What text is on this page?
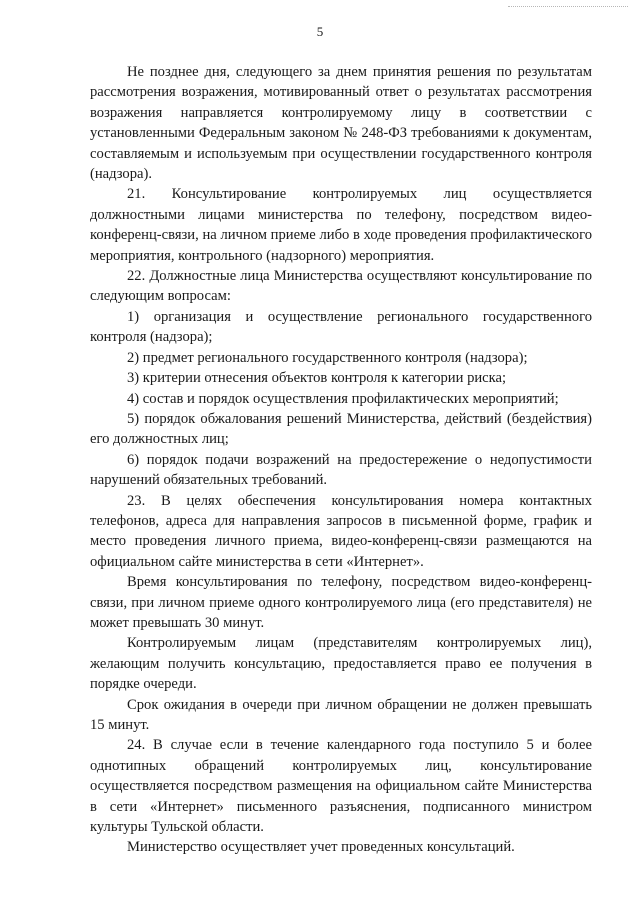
5

Не позднее дня, следующего за днем принятия решения по результатам рассмотрения возражения, мотивированный ответ о результатах рассмотрения возражения направляется контролируемому лицу в соответствии с установленными Федеральным законом № 248-ФЗ требованиями к документам, составляемым и используемым при осуществлении государственного контроля (надзора).

21. Консультирование контролируемых лиц осуществляется должностными лицами министерства по телефону, посредством видео-конференц-связи, на личном приеме либо в ходе проведения профилактического мероприятия, контрольного (надзорного) мероприятия.

22. Должностные лица Министерства осуществляют консультирование по следующим вопросам:

1) организация и осуществление регионального государственного контроля (надзора);

2) предмет регионального государственного контроля (надзора);

3) критерии отнесения объектов контроля к категории риска;

4) состав и порядок осуществления профилактических мероприятий;

5) порядок обжалования решений Министерства, действий (бездействия) его должностных лиц;

6) порядок подачи возражений на предостережение о недопустимости нарушений обязательных требований.

23. В целях обеспечения консультирования номера контактных телефонов, адреса для направления запросов в письменной форме, график и место проведения личного приема, видео-конференц-связи размещаются на официальном сайте министерства в сети «Интернет».

Время консультирования по телефону, посредством видео-конференц-связи, при личном приеме одного контролируемого лица (его представителя) не может превышать 30 минут.

Контролируемым лицам (представителям контролируемых лиц), желающим получить консультацию, предоставляется право ее получения в порядке очереди.

Срок ожидания в очереди при личном обращении не должен превышать 15 минут.

24. В случае если в течение календарного года поступило 5 и более однотипных обращений контролируемых лиц, консультирование осуществляется посредством размещения на официальном сайте Министерства в сети «Интернет» письменного разъяснения, подписанного министром культуры Тульской области.

Министерство осуществляет учет проведенных консультаций.
